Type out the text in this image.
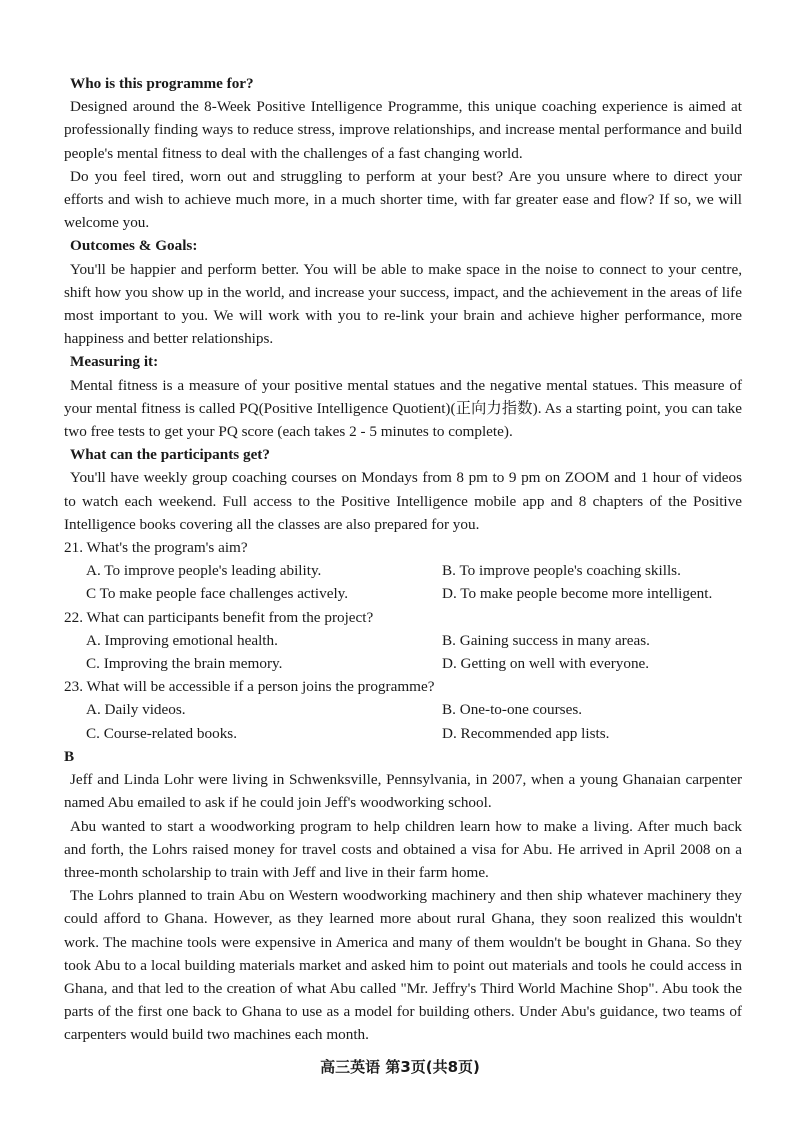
Who is this programme for?

Designed around the 8-Week Positive Intelligence Programme, this unique coaching experience is aimed at professionally finding ways to reduce stress, improve relationships, and increase mental performance and build people's mental fitness to deal with the challenges of a fast changing world.

Do you feel tired, worn out and struggling to perform at your best? Are you unsure where to direct your efforts and wish to achieve much more, in a much shorter time, with far greater ease and flow? If so, we will welcome you.

Outcomes & Goals:

You'll be happier and perform better. You will be able to make space in the noise to connect to your centre, shift how you show up in the world, and increase your success, impact, and the achievement in the areas of life most important to you. We will work with you to re-link your brain and achieve higher performance, more happiness and better relationships.

Measuring it:

Mental fitness is a measure of your positive mental statues and the negative mental statues. This measure of your mental fitness is called PQ(Positive Intelligence Quotient)(正向力指数). As a starting point, you can take two free tests to get your PQ score (each takes 2 - 5 minutes to complete).

What can the participants get?

You'll have weekly group coaching courses on Mondays from 8 pm to 9 pm on ZOOM and 1 hour of videos to watch each weekend. Full access to the Positive Intelligence mobile app and 8 chapters of the Positive Intelligence books covering all the classes are also prepared for you.

21. What's the program's aim?

A. To improve people's leading ability.	B. To improve people's coaching skills.
C To make people face challenges actively.	D. To make people become more intelligent.

22. What can participants benefit from the project?

A. Improving emotional health.	B. Gaining success in many areas.
C. Improving the brain memory.	D. Getting on well with everyone.

23. What will be accessible if a person joins the programme?

A. Daily videos.	B. One-to-one courses.
C. Course-related books.	D. Recommended app lists.

B

Jeff and Linda Lohr were living in Schwenksville, Pennsylvania, in 2007, when a young Ghanaian carpenter named Abu emailed to ask if he could join Jeff's woodworking school.

Abu wanted to start a woodworking program to help children learn how to make a living. After much back and forth, the Lohrs raised money for travel costs and obtained a visa for Abu. He arrived in April 2008 on a three-month scholarship to train with Jeff and live in their farm home.

The Lohrs planned to train Abu on Western woodworking machinery and then ship whatever machinery they could afford to Ghana. However, as they learned more about rural Ghana, they soon realized this wouldn't work. The machine tools were expensive in America and many of them wouldn't be bought in Ghana. So they took Abu to a local building materials market and asked him to point out materials and tools he could access in Ghana, and that led to the creation of what Abu called "Mr. Jeffry's Third World Machine Shop". Abu took the parts of the first one back to Ghana to use as a model for building others. Under Abu's guidance, two teams of carpenters would build two machines each month.

高三英语 第3页(共8页)
